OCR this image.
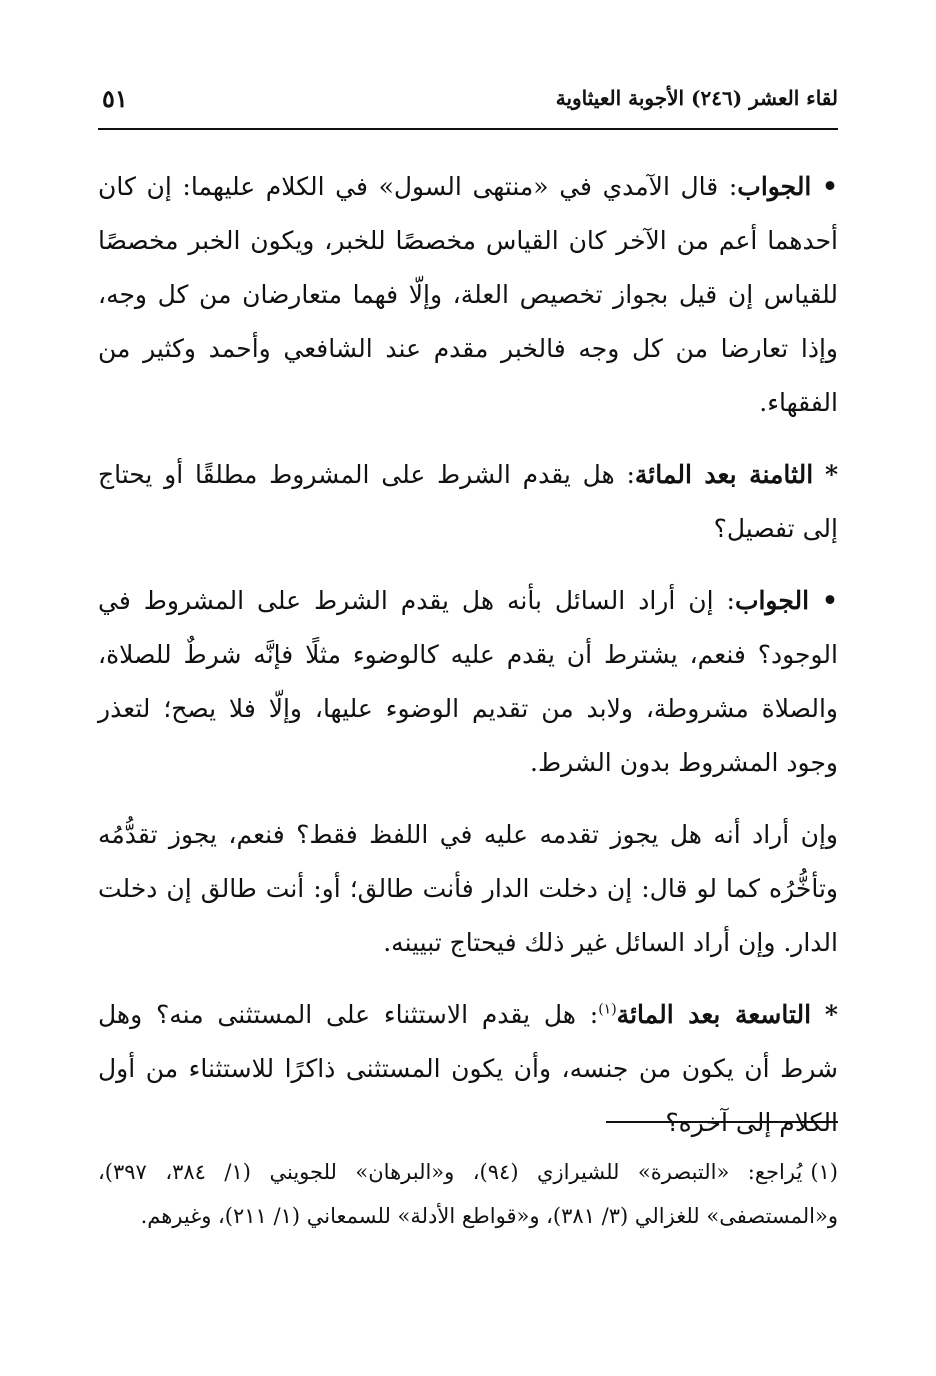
لقاء العشر (٢٤٦) الأجوبة العيثاوية
٥١

• الجواب: قال الآمدي في «منتهى السول» في الكلام عليهما: إن كان أحدهما أعم من الآخر كان القياس مخصصًا للخبر، ويكون الخبر مخصصًا للقياس إن قيل بجواز تخصيص العلة، وإلّا فهما متعارضان من كل وجه، وإذا تعارضا من كل وجه فالخبر مقدم عند الشافعي وأحمد وكثير من الفقهاء.

* الثامنة بعد المائة: هل يقدم الشرط على المشروط مطلقًا أو يحتاج إلى تفصيل؟

• الجواب: إن أراد السائل بأنه هل يقدم الشرط على المشروط في الوجود؟ فنعم، يشترط أن يقدم عليه كالوضوء مثلًا فإنَّه شرطٌ للصلاة، والصلاة مشروطة، ولابد من تقديم الوضوء عليها، وإلّا فلا يصح؛ لتعذر وجود المشروط بدون الشرط.

وإن أراد أنه هل يجوز تقدمه عليه في اللفظ فقط؟ فنعم، يجوز تقدُّمُه وتأخُّرُه كما لو قال: إن دخلت الدار فأنت طالق؛ أو: أنت طالق إن دخلت الدار. وإن أراد السائل غير ذلك فيحتاج تبيينه.

* التاسعة بعد المائة$^{(١)}$: هل يقدم الاستثناء على المستثنى منه؟ وهل شرط أن يكون من جنسه، وأن يكون المستثنى ذاكرًا للاستثناء من أول الكلام إلى آخره؟

(١)يُراجع: «التبصرة» للشيرازي (٩٤)، و«البرهان» للجويني (١/ ٣٨٤، ٣٩٧)، و«المستصفى» للغزالي (٣/ ٣٨١)، و«قواطع الأدلة» للسمعاني (١/ ٢١١)، وغيرهم.
